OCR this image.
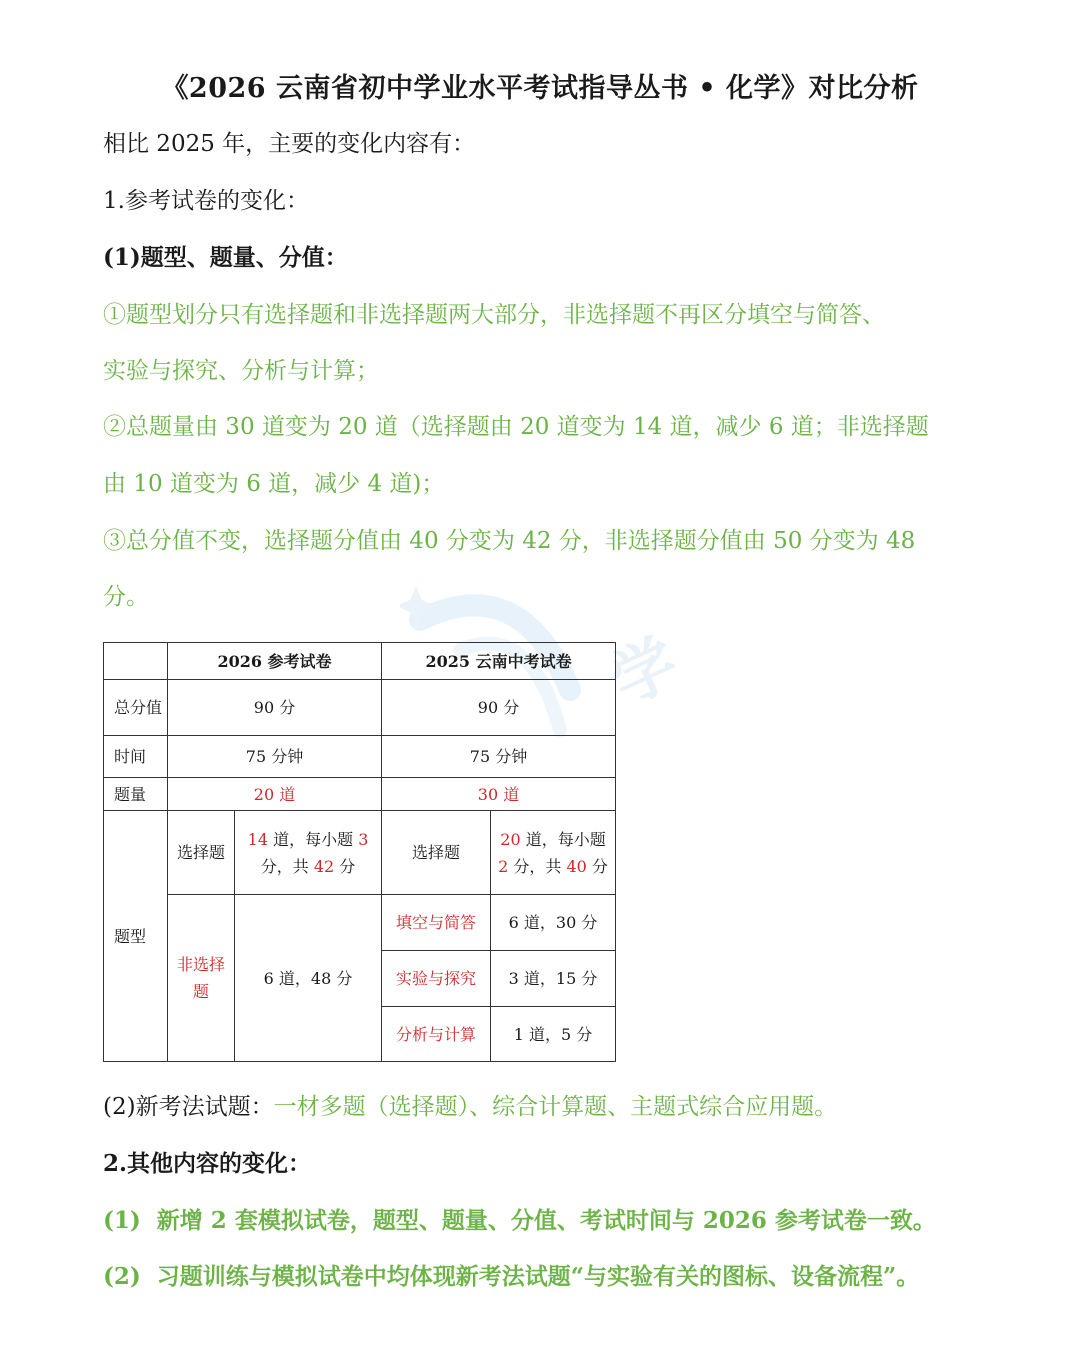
《2026 云南省初中学业水平考试指导丛书 • 化学》对比分析
相比 2025 年，主要的变化内容有：
1.参考试卷的变化：
(1)题型、题量、分值：
①题型划分只有选择题和非选择题两大部分，非选择题不再区分填空与简答、
实验与探究、分析与计算；
②总题量由 30 道变为 20 道（选择题由 20 道变为 14 道，减少 6 道；非选择题
由 10 道变为 6 道，减少 4 道)；
③总分值不变，选择题分值由 40 分变为 42 分，非选择题分值由 50 分变为 48
分。
学
	2026 参考试卷		2025 云南中考试卷	
总分值	90 分		90 分	
时间	75 分钟		75 分钟	
题量	20 道		30 道	
题型	选择题	14 道，每小题 3 分，共 42 分	选择题	20 道，每小题 2 分，共 40 分
	非选择题	6 道，48 分	填空与简答	6 道，30 分
			实验与探究	3 道，15 分
			分析与计算	1 道，5 分
(2)新考法试题：一材多题（选择题）、综合计算题、主题式综合应用题。
2.其他内容的变化：
(1) 新增 2 套模拟试卷，题型、题量、分值、考试时间与 2026 参考试卷一致。
(2) 习题训练与模拟试卷中均体现新考法试题“与实验有关的图标、设备流程”。
